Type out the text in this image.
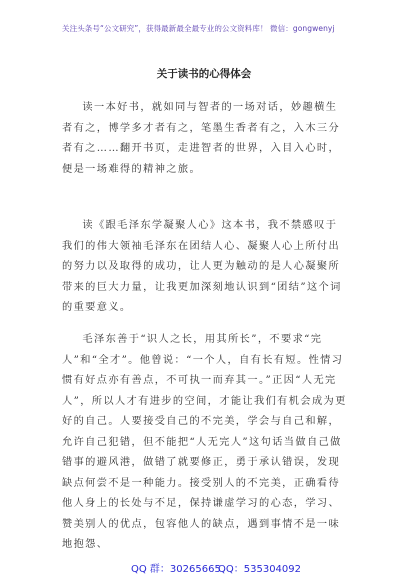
关注头条号“公文研究”，获得最新最全最专业的公文资料库！ 微信：gongwenyj
关于读书的心得体会
读一本好书，就如同与智者的一场对话，妙趣横生者有之，博学多才者有之，笔墨生香者有之，入木三分者有之……翻开书页，走进智者的世界，入目入心时，便是一场难得的精神之旅。
读《跟毛泽东学凝聚人心》这本书，我不禁感叹于我们的伟大领袖毛泽东在团结人心、凝聚人心上所付出的努力以及取得的成功，让人更为触动的是人心凝聚所带来的巨大力量，让我更加深刻地认识到“团结”这个词的重要意义。
毛泽东善于“识人之长，用其所长”，不要求“完人”和“全才”。他曾说：“一个人，自有长有短。性情习惯有好点亦有善点，不可执一而弃其一。”正因“人无完人”，所以人才有进步的空间，才能让我们有机会成为更好的自己。人要接受自己的不完美，学会与自己和解，允许自己犯错，但不能把“人无完人”这句话当做自己做错事的避风港，做错了就要修正，勇于承认错误，发现缺点何尝不是一种能力。接受别人的不完美，正确看待他人身上的长处与不足，保持谦虚学习的心态，学习、赞美别人的优点，包容他人的缺点，遇到事情不是一味地抱怨、
QQ 群：30265665
QQ：535304092
